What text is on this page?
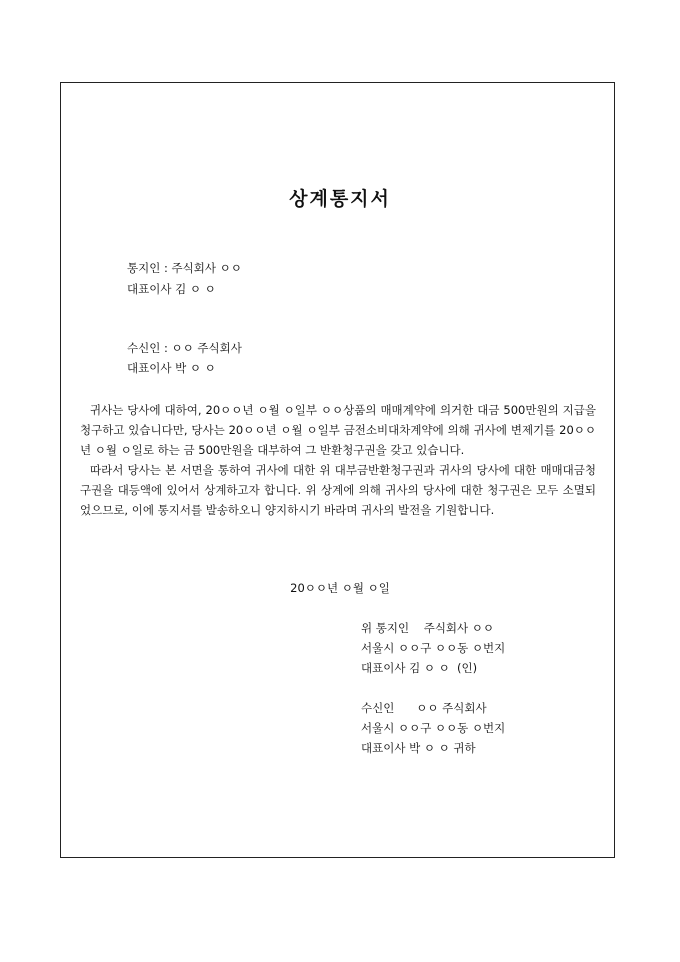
상계통지서
통지인 : 주식회사 ㅇㅇ
대표이사 김 ㅇ ㅇ
수신인 : ㅇㅇ 주식회사
대표이사 박 ㅇ ㅇ

귀사는 당사에 대하여, 20ㅇㅇ년 ㅇ월 ㅇ일부 ㅇㅇ상품의 매매계약에 의거한 대금 500만원의 지급을 청구하고 있습니다만, 당사는 20ㅇㅇ년 ㅇ월 ㅇ일부 금전소비대차계약에 의해 귀사에 변제기를 20ㅇㅇ년 ㅇ월 ㅇ일로 하는 금 500만원을 대부하여 그 반환청구권을 갖고 있습니다.

따라서 당사는 본 서면을 통하여 귀사에 대한 위 대부금반환청구권과 귀사의 당사에 대한 매매대금청구권을 대등액에 있어서 상계하고자 합니다. 위 상계에 의해 귀사의 당사에 대한 청구권은 모두 소멸되었으므로, 이에 통지서를 발송하오니 양지하시기 바라며 귀사의 발전을 기원합니다.

20ㅇㅇ년 ㅇ월 ㅇ일
위 통지인    주식회사 ㅇㅇ
서울시 ㅇㅇ구 ㅇㅇ동 ㅇ번지
대표이사 김 ㅇ ㅇ  (인)
수신인      ㅇㅇ 주식회사
서울시 ㅇㅇ구 ㅇㅇ동 ㅇ번지
대표이사 박 ㅇ ㅇ 귀하
